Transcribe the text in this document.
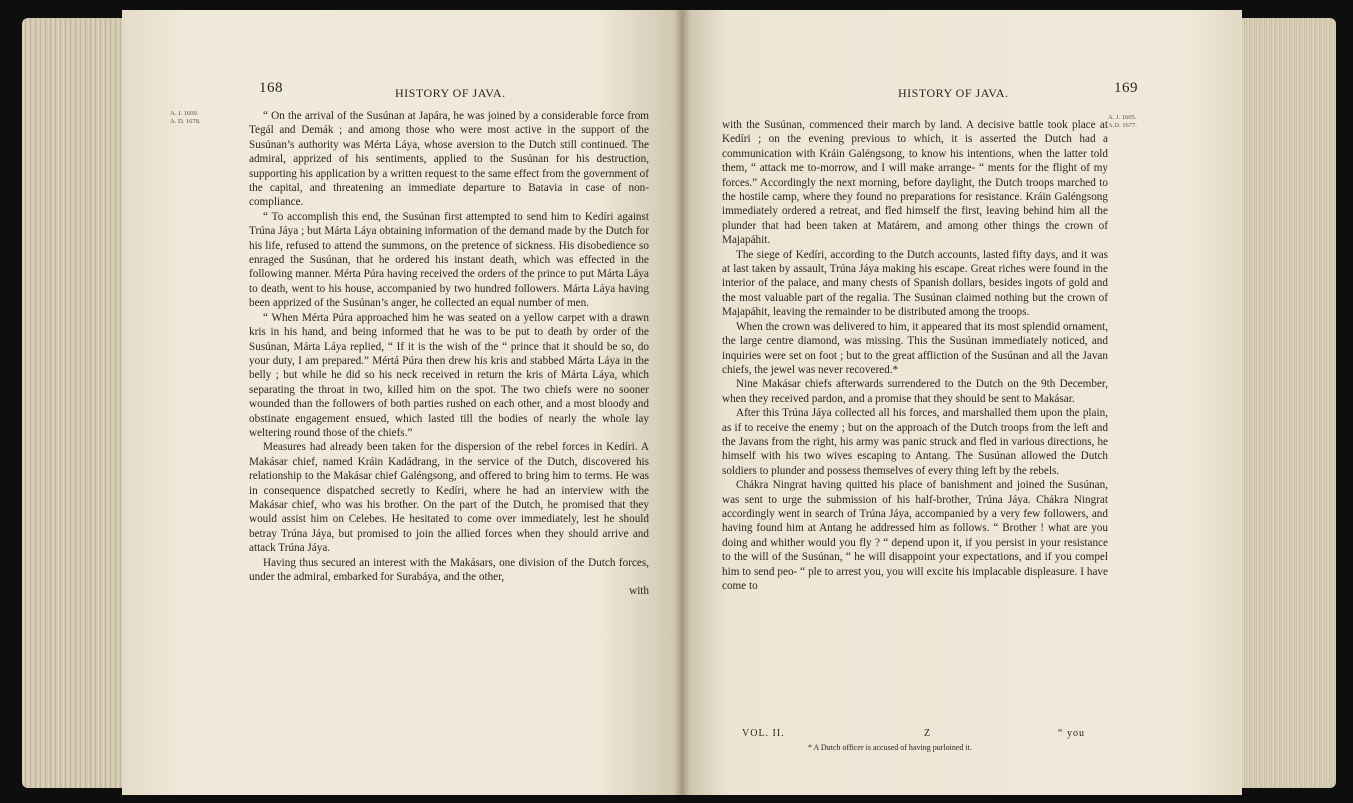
168	HISTORY OF JAVA.
A. J. 1600.
A. D. 1678.	“ On the arrival of the Susúnan at Japára, he was joined by a considerable force from Tegál and Demák ; and among those who were most active in the support of the Susúnan’s authority was Mérta Láya, whose aversion to the Dutch still continued. The admiral, apprized of his sentiments, applied to the Susúnan for his destruction, supporting his application by a written request to the same effect from the government of the capital, and threatening an immediate departure to Batavia in case of non-compliance.

“ To accomplish this end, the Susúnan first attempted to send him to Kedíri against Trúna Jáya ; but Márta Láya obtaining information of the demand made by the Dutch for his life, refused to attend the summons, on the pretence of sickness. His disobedience so enraged the Susúnan, that he ordered his instant death, which was effected in the following manner. Mérta Púra having received the orders of the prince to put Márta Láya to death, went to his house, accompanied by two hundred followers. Márta Láya having been apprized of the Susúnan’s anger, he collected an equal number of men.

“ When Mérta Púra approached him he was seated on a yellow carpet with a drawn kris in his hand, and being informed that he was to be put to death by order of the Susúnan, Márta Láya replied, “ If it is the wish of the “ prince that it should be so, do your duty, I am prepared.” Mértá Púra then drew his kris and stabbed Márta Láya in the belly ; but while he did so his neck received in return the kris of Márta Láya, which separating the throat in two, killed him on the spot. The two chiefs were no sooner wounded than the followers of both parties rushed on each other, and a most bloody and obstinate engagement ensued, which lasted till the bodies of nearly the whole lay weltering round those of the chiefs.”

Measures had already been taken for the dispersion of the rebel forces in Kedíri. A Makásar chief, named Kráin Kadádrang, in the service of the Dutch, discovered his relationship to the Makásar chief Galéngsong, and offered to bring him to terms. He was in consequence dispatched secretly to Kedíri, where he had an interview with the Makásar chief, who was his brother. On the part of the Dutch, he promised that they would assist him on Celebes. He hesitated to come over immediately, lest he should betray Trúna Jáya, but promised to join the allied forces when they should arrive and attack Trúna Jáya.

Having thus secured an interest with the Makásars, one division of the Dutch forces, under the admiral, embarked for Surabáya, and the other,

with
HISTORY OF JAVA.	169
A. J. 1605.
A.D. 1677.

with the Susúnan, commenced their march by land. A decisive battle took place at Kedíri ; on the evening previous to which, it is asserted the Dutch had a communication with Kráin Galéngsong, to know his intentions, when the latter told them, “ attack me to-morrow, and I will make arrange- “ ments for the flight of my forces.” Accordingly the next morning, before daylight, the Dutch troops marched to the hostile camp, where they found no preparations for resistance. Kráin Galéngsong immediately ordered a retreat, and fled himself the first, leaving behind him all the plunder that had been taken at Matárem, and among other things the crown of Majapáhit.

The siege of Kedíri, according to the Dutch accounts, lasted fifty days, and it was at last taken by assault, Trúna Jáya making his escape. Great riches were found in the interior of the palace, and many chests of Spanish dollars, besides ingots of gold and the most valuable part of the regalia. The Susúnan claimed nothing but the crown of Majapáhit, leaving the remainder to be distributed among the troops.

When the crown was delivered to him, it appeared that its most splendid ornament, the large centre diamond, was missing. This the Susúnan immediately noticed, and inquiries were set on foot ; but to the great affliction of the Susúnan and all the Javan chiefs, the jewel was never recovered.*

Nine Makásar chiefs afterwards surrendered to the Dutch on the 9th December, when they received pardon, and a promise that they should be sent to Makásar.

After this Trúna Jáya collected all his forces, and marshalled them upon the plain, as if to receive the enemy ; but on the approach of the Dutch troops from the left and the Javans from the right, his army was panic struck and fled in various directions, he himself with his two wives escaping to Antang. The Susúnan allowed the Dutch soldiers to plunder and possess themselves of every thing left by the rebels.

Chákra Ningrat having quitted his place of banishment and joined the Susúnan, was sent to urge the submission of his half-brother, Trúna Jáya. Chákra Ningrat accordingly went in search of Trúna Jáya, accompanied by a very few followers, and having found him at Antang he addressed him as follows. “ Brother ! what are you doing and whither would you fly ? “ depend upon it, if you persist in your resistance to the will of the Susúnan, “ he will disappoint your expectations, and if you compel him to send peo- “ ple to arrest you, you will excite his implacable displeasure. I have come to

VOL. II.	Z	“ you
* A Dutch officer is accused of having purloined it.
